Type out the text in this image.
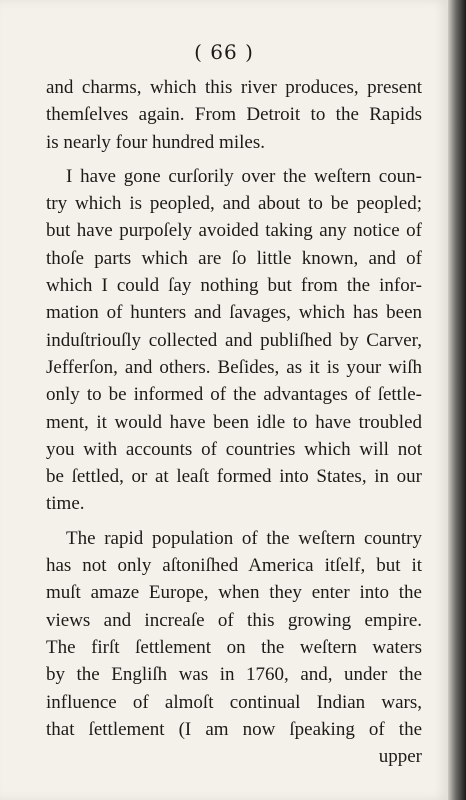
( 66 )
and charms, which this river produces, present
themſelves again. From Detroit to the Rapids
is nearly four hundred miles.
I have gone curſorily over the weſtern coun-
try which is peopled, and about to be peopled;
but have purpoſely avoided taking any notice of
thoſe parts which are ſo little known, and of
which I could ſay nothing but from the infor-
mation of hunters and ſavages, which has been
induſtriouſly collected and publiſhed by Carver,
Jefferſon, and others. Beſides, as it is your wiſh
only to be informed of the advantages of ſettle-
ment, it would have been idle to have troubled
you with accounts of countries which will not
be ſettled, or at leaſt formed into States, in our
time.
The rapid population of the weſtern country
has not only aſtoniſhed America itſelf, but it
muſt amaze Europe, when they enter into the
views and increaſe of this growing empire.
The firſt ſettlement on the weſtern waters
by the Engliſh was in 1760, and, under the
influence of almoſt continual Indian wars,
that ſettlement (I am now ſpeaking of the
upper
